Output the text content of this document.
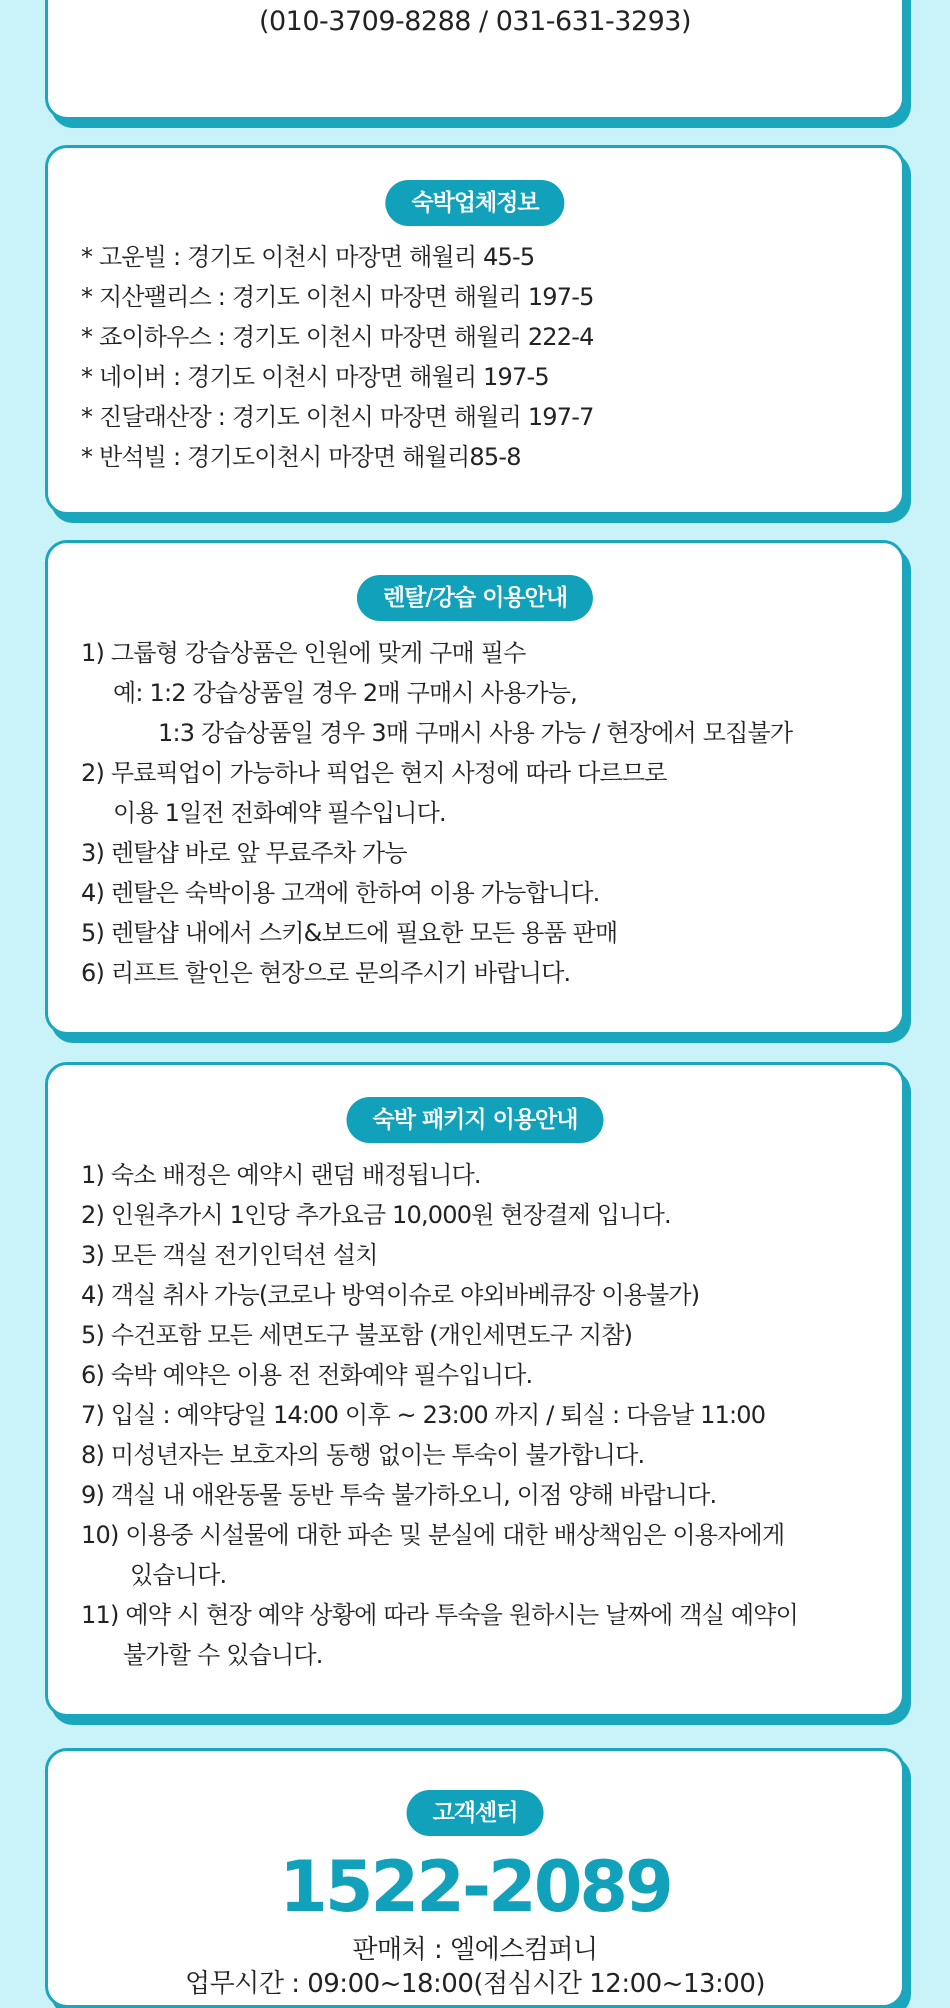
(010-3709-8288 / 031-631-3293)
숙박업체정보
* 고운빌 : 경기도 이천시 마장면 해월리 45-5
* 지산팰리스 : 경기도 이천시 마장면 해월리 197-5
* 죠이하우스 : 경기도 이천시 마장면 해월리 222-4
* 네이버 : 경기도 이천시 마장면 해월리 197-5
* 진달래산장 : 경기도 이천시 마장면 해월리 197-7
* 반석빌 : 경기도이천시 마장면 해월리85-8
렌탈/강습 이용안내
1) 그룹형 강습상품은 인원에 맞게 구매 필수
예: 1:2 강습상품일 경우 2매 구매시 사용가능,
1:3 강습상품일 경우 3매 구매시 사용 가능 / 현장에서 모집불가
2) 무료픽업이 가능하나 픽업은 현지 사정에 따라 다르므로
이용 1일전 전화예약 필수입니다.
3) 렌탈샵 바로 앞 무료주차 가능
4) 렌탈은 숙박이용 고객에 한하여 이용 가능합니다.
5) 렌탈샵 내에서 스키&보드에 필요한 모든 용품 판매
6) 리프트 할인은 현장으로 문의주시기 바랍니다.
숙박 패키지 이용안내
1) 숙소 배정은 예약시 랜덤 배정됩니다.
2) 인원추가시 1인당 추가요금 10,000원 현장결제 입니다.
3) 모든 객실 전기인덕션 설치
4) 객실 취사 가능(코로나 방역이슈로 야외바베큐장 이용불가)
5) 수건포함 모든 세면도구 불포함 (개인세면도구 지참)
6) 숙박 예약은 이용 전 전화예약 필수입니다.
7) 입실 : 예약당일 14:00 이후 ~ 23:00 까지 / 퇴실 : 다음날 11:00
8) 미성년자는 보호자의 동행 없이는 투숙이 불가합니다.
9) 객실 내 애완동물 동반 투숙 불가하오니, 이점 양해 바랍니다.
10) 이용중 시설물에 대한 파손 및 분실에 대한 배상책임은 이용자에게
있습니다.
11) 예약 시 현장 예약 상황에 따라 투숙을 원하시는 날짜에 객실 예약이
불가할 수 있습니다.
고객센터
1522-2089
판매처 : 엘에스컴퍼니
업무시간 : 09:00~18:00(점심시간 12:00~13:00)
